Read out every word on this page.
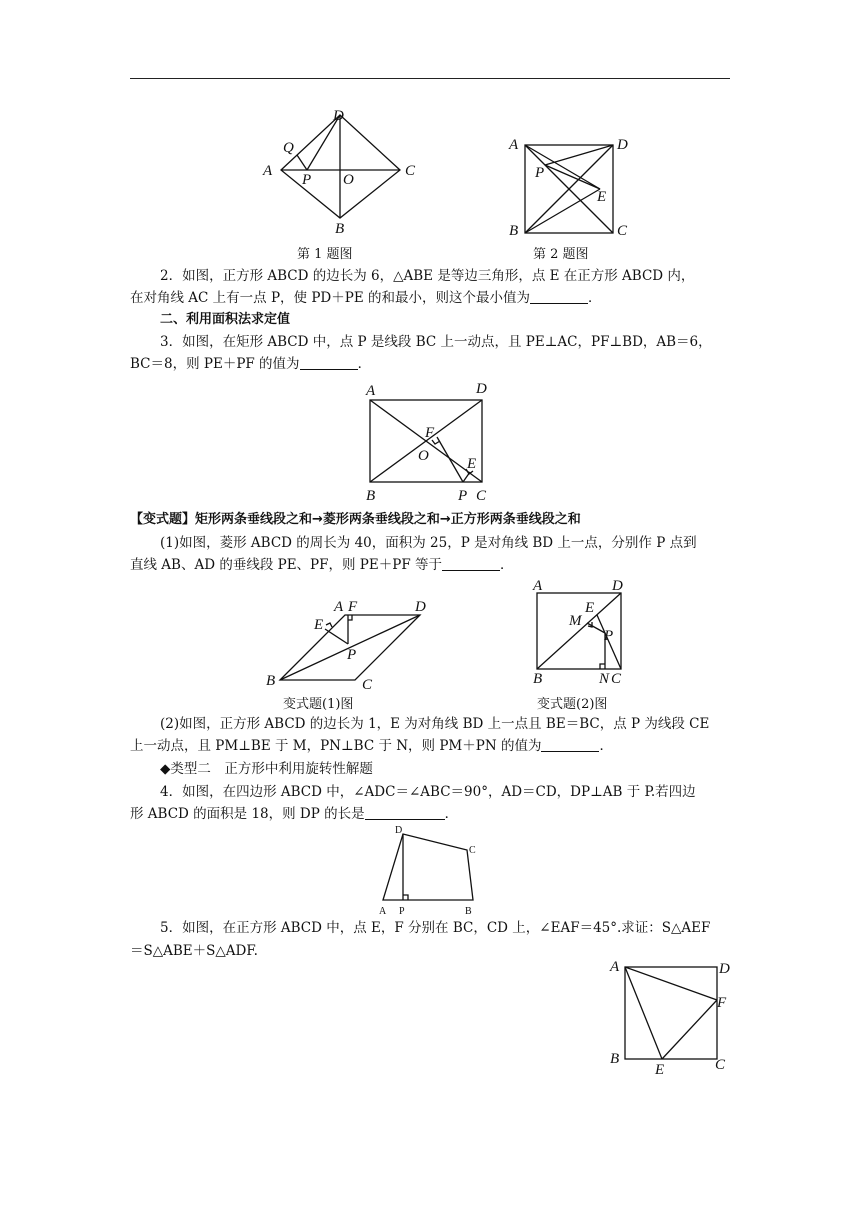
D
A	C
B
O
P
Q
第 1 题图
A	D
B	C
E
P
第 2 题图
2．如图，正方形 ABCD 的边长为 6，△ABE 是等边三角形，点 E 在正方形 ABCD 内，
在对角线 AC 上有一点 P，使 PD＋PE 的和最小，则这个最小值为	．
二、利用面积法求定值
3．如图，在矩形 ABCD 中，点 P 是线段 BC 上一动点，且 PE⊥AC，PF⊥BD，AB＝6，
BC＝8，则 PE＋PF 的值为	．
A	D
B	C
P
O
F
E
【变式题】矩形两条垂线段之和→菱形两条垂线段之和→正方形两条垂线段之和
(1)如图，菱形 ABCD 的周长为 40，面积为 25，P 是对角线 BD 上一点，分别作 P 点到
直线 AB、AD 的垂线段 PE、PF，则 PE＋PF 等于	．
A F	D
E
P
B	C
变式题(1)图
A	D
E
M
P
B	N C
变式题(2)图
(2)如图，正方形 ABCD 的边长为 1，E 为对角线 BD 上一点且 BE＝BC，点 P 为线段 CE
上一动点，且 PM⊥BE 于 M，PN⊥BC 于 N，则 PM＋PN 的值为	．
◆类型二　正方形中利用旋转性解题
4．如图，在四边形 ABCD 中，∠ADC＝∠ABC＝90°，AD＝CD，DP⊥AB 于 P.若四边
形 ABCD 的面积是 18，则 DP 的长是	．
A P	B
C
D
5．如图，在正方形 ABCD 中，点 E，F 分别在 BC，CD 上，∠EAF＝45°.求证：S△AEF
＝S△ABE＋S△ADF.
A	D
F
B	C
E
